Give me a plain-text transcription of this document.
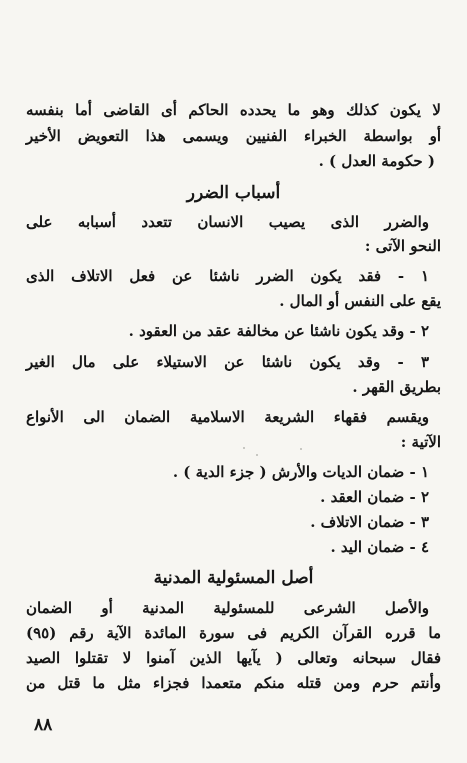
لا يكون كذلك وهو ما يحدده الحاكم أى القاضى أما بنفسه
أو بواسطة الخبراء الفنيين ويسمى هذا التعويض الأخير
( حكومة العدل ) .
أسباب الضرر
والضرر الذى يصيب الانسان تتعدد أسبابه على
النحو الآتى :
١ - فقد يكون الضرر ناشئا عن فعل الاتلاف الذى
يقع على النفس أو المال .
٢ - وقد يكون ناشئا عن مخالفة عقد من العقود .
٣ - وقد يكون ناشئا عن الاستيلاء على مال الغير
بطريق القهر .
ويقسم فقهاء الشريعة الاسلامية الضمان الى الأنواع
الآتية :
١ - ضمان الديات والأرش ( جزء الدية ) .
٢ - ضمان العقد .
٣ - ضمان الاتلاف .
٤ - ضمان اليد .
أصل المسئولية المدنية
والأصل الشرعى للمسئولية المدنية أو الضمان
ما قرره القرآن الكريم فى سورة المائدة الآية رقم (٩٥)
فقال سبحانه وتعالى ( يآيها الذين آمنوا لا تقتلوا الصيد
وأنتم حرم ومن قتله منكم متعمدا فجزاء مثل ما قتل من
٨٨
